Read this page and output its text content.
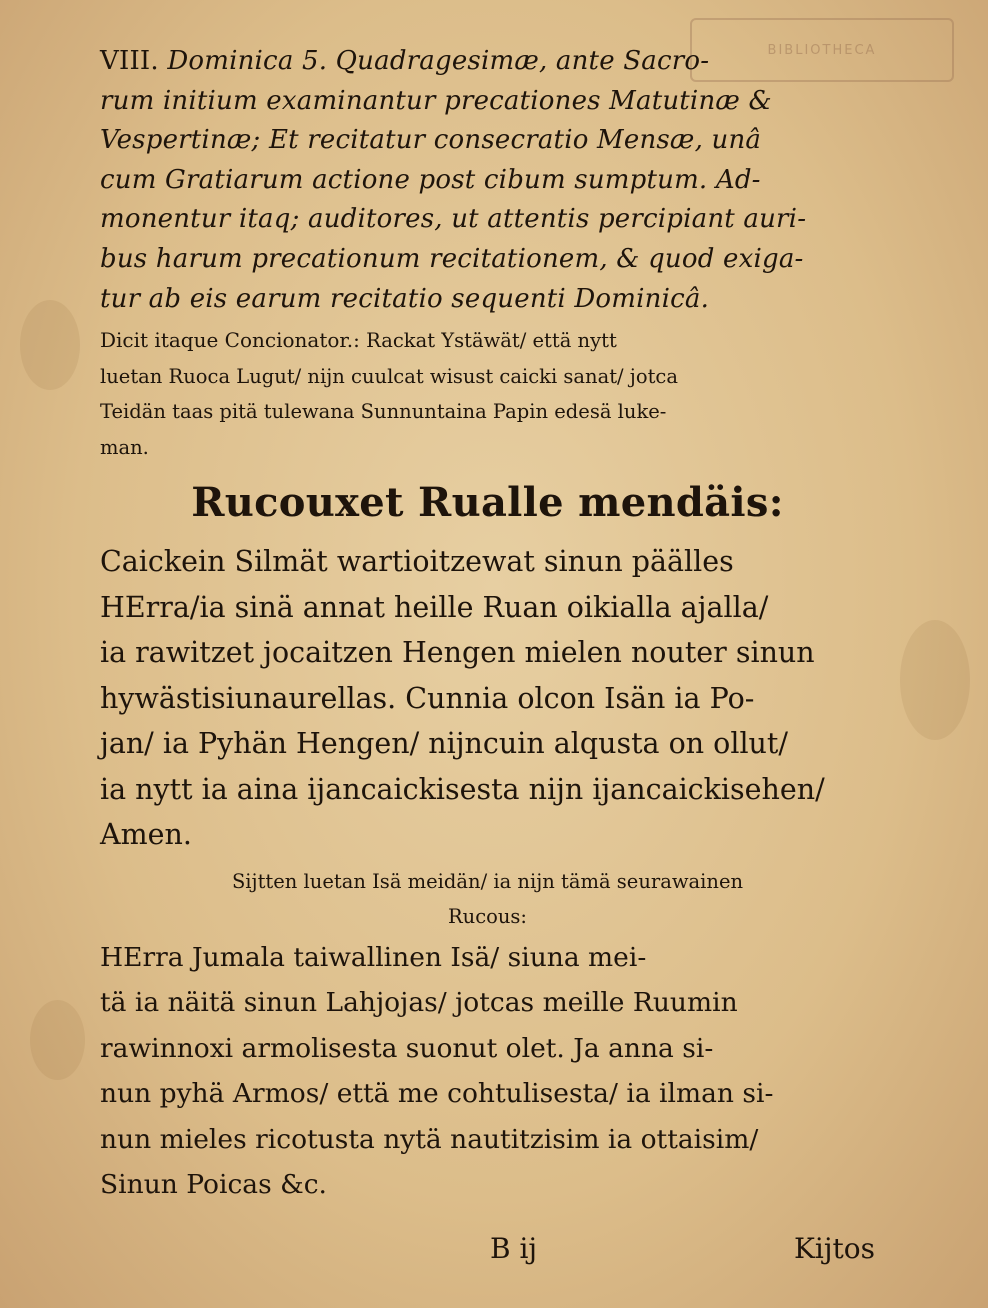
BIBLIOTHECA

VIII. Dominica 5. Quadragesimæ, ante Sacro-
rum initium examinantur precationes Matutinæ &
Vespertinæ; Et recitatur consecratio Mensæ, unâ
cum Gratiarum actione post cibum sumptum. Ad-
monentur itaq; auditores, ut attentis percipiant auri-
bus harum precationum recitationem, & quod exiga-
tur ab eis earum recitatio sequenti Dominicâ.

Dicit itaque Concionator.: Rackat Ystäwät/ että nytt
luetan Ruoca Lugut/ nijn cuulcat wisust caicki sanat/ jotca
Teidän taas pitä tulewana Sunnuntaina Papin edesä luke-
man.

Rucouxet Rualle mendäis:

Caickein Silmät wartioitzewat sinun päälles
HErra/ia sinä annat heille Ruan oikialla ajalla/
ia rawitzet jocaitzen Hengen mielen nouter sinun
hywästisiunaurellas. Cunnia olcon Isän ia Po-
jan/ ia Pyhän Hengen/ nijncuin alqusta on ollut/
ia nytt ia aina ijancaickisesta nijn ijancaickisehen/
Amen.

Sijtten luetan Isä meidän/ ia nijn tämä seurawainen
Rucous:

HErra Jumala taiwallinen Isä/ siuna mei-
tä ia näitä sinun Lahjojas/ jotcas meille Ruumin
rawinnoxi armolisesta suonut olet. Ja anna si-
nun pyhä Armos/ että me cohtulisesta/ ia ilman si-
nun mieles ricotusta nytä nautitzisim ia ottaisim/
Sinun Poicas &c.

B ij	Kijtos
